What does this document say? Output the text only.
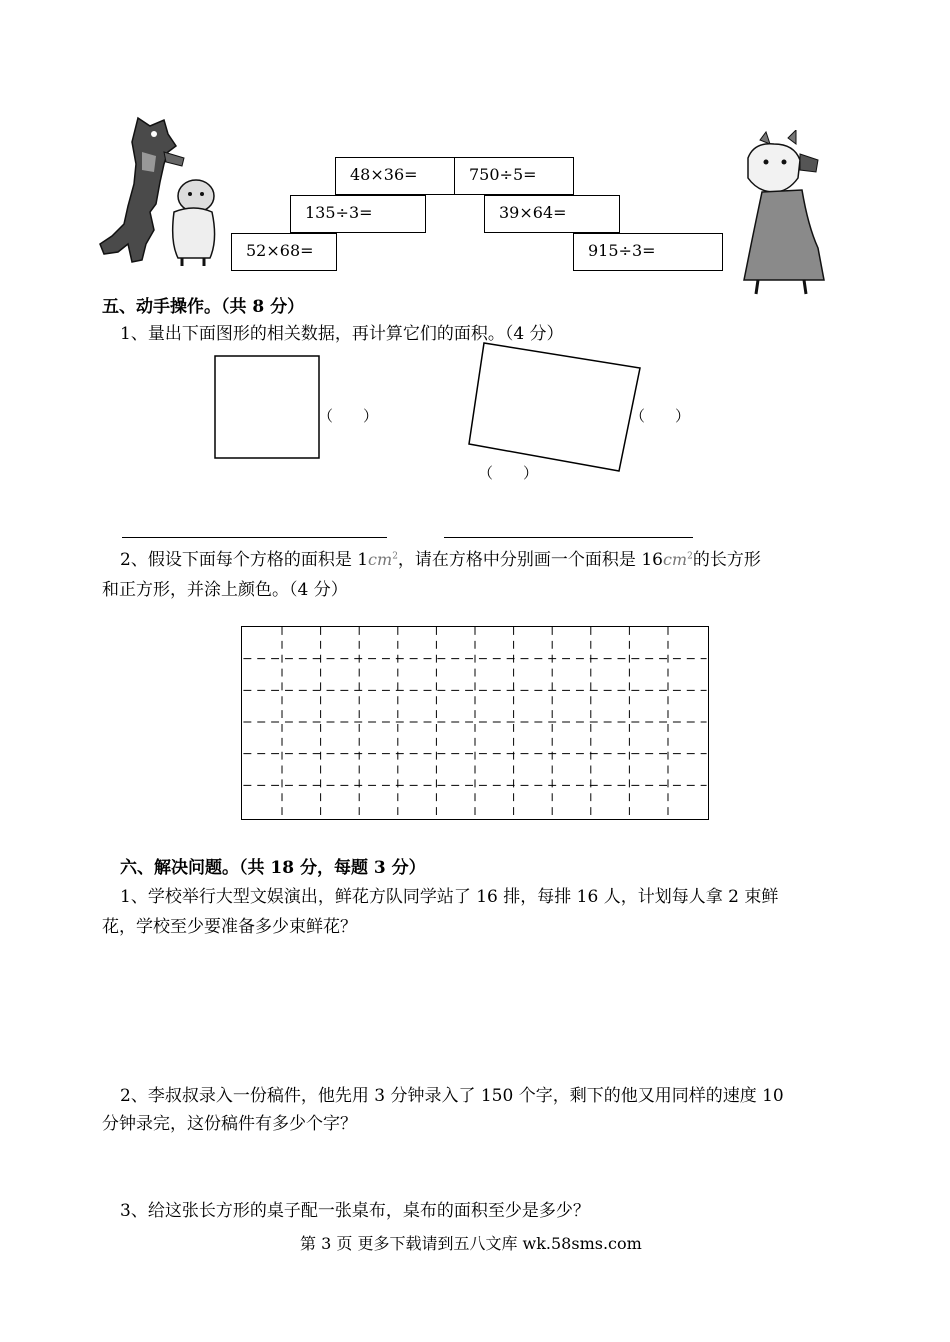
48×36=	750÷5=
135÷3=	39×64=
52×68=	915÷3=
五、动手操作。（共 8 分）
1、量出下面图形的相关数据，再计算它们的面积。（4 分）
（　　）	（　　）
（　　）
2、假设下面每个方格的面积是 $1cm^2$，请在方格中分别画一个面积是 $16cm^2$的长方形
和正方形，并涂上颜色。（4 分）
六、解决问题。（共 18 分，每题 3 分）
1、学校举行大型文娱演出，鲜花方队同学站了 16 排，每排 16 人，计划每人拿 2 束鲜
花，学校至少要准备多少束鲜花？
2、李叔叔录入一份稿件，他先用 3 分钟录入了 150 个字，剩下的他又用同样的速度 10
分钟录完，这份稿件有多少个字？
3、给这张长方形的桌子配一张桌布，桌布的面积至少是多少？
第 3 页 更多下载请到五八文库 wk.58sms.com
